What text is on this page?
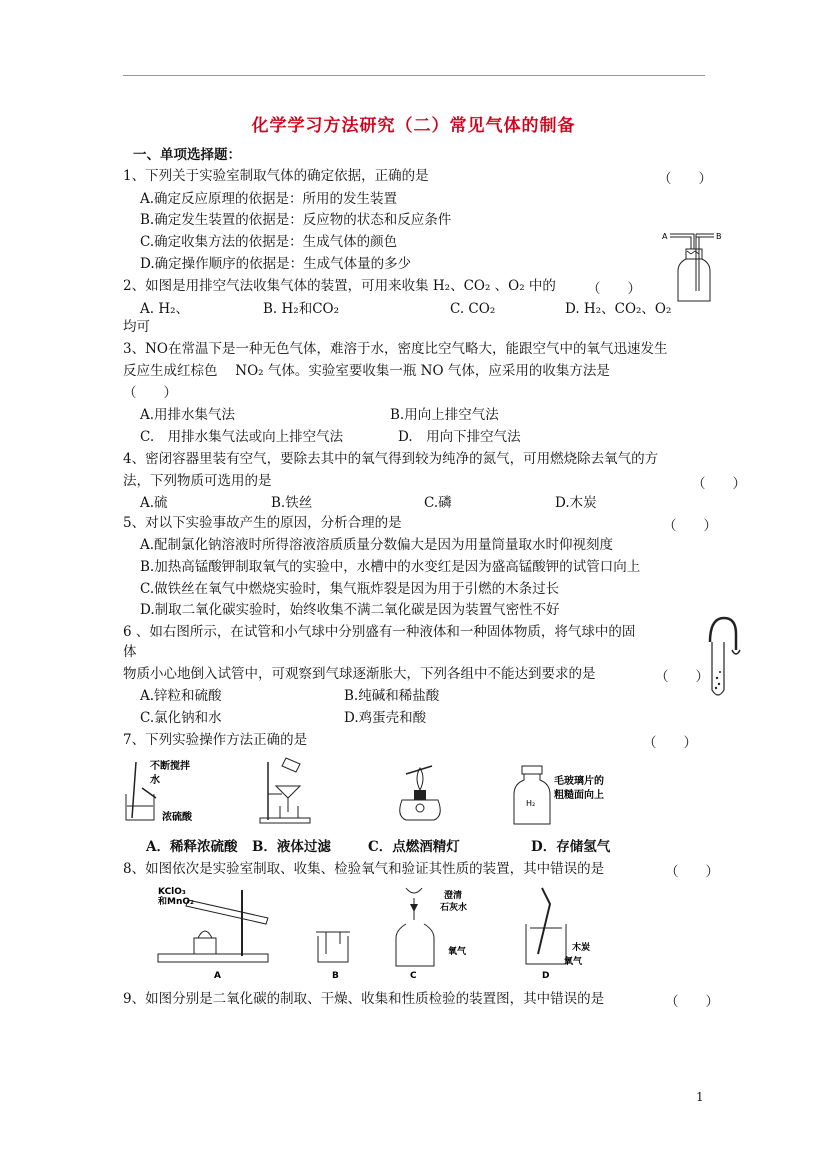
化学学习方法研究（二）常见气体的制备
一、单项选择题：
1、下列关于实验室制取气体的确定依据，正确的是	（　　）
A.确定反应原理的依据是：所用的发生装置
B.确定发生装置的依据是：反应物的状态和反应条件
C.确定收集方法的依据是：生成气体的颜色
D.确定操作顺序的依据是：生成气体量的多少
A	B
2、如图是用排空气法收集气体的装置，可用来收集 H₂、CO₂ 、O₂ 中的 （　　）
A. H₂、	B. H₂和CO₂	C. CO₂	D. H₂、CO₂、O₂
均可
3、NO在常温下是一种无色气体，难溶于水，密度比空气略大，能跟空气中的氧气迅速发生
反应生成红棕色　 NO₂ 气体。实验室要收集一瓶 NO 气体，应采用的收集方法是
（　　）
A.用排水集气法	B.用向上排空气法
C.　用排水集气法或向上排空气法	D.　用向下排空气法
4、密闭容器里装有空气，要除去其中的氧气得到较为纯净的氮气，可用燃烧除去氧气的方
法，下列物质可选用的是	（　　）
A.硫	B.铁丝	C.磷	D.木炭
5、对以下实验事故产生的原因，分析合理的是	（　　）
A.配制氯化钠溶液时所得溶液溶质质量分数偏大是因为用量筒量取水时仰视刻度
B.加热高锰酸钾制取氧气的实验中，水槽中的水变红是因为盛高锰酸钾的试管口向上
C.做铁丝在氧气中燃烧实验时，集气瓶炸裂是因为用于引燃的木条过长
D.制取二氧化碳实验时，始终收集不满二氧化碳是因为装置气密性不好
6 、如右图所示，在试管和小气球中分别盛有一种液体和一种固体物质，将气球中的固
体
物质小心地倒入试管中，可观察到气球逐渐胀大，下列各组中不能达到要求的是	（　　）
A.锌粒和硫酸	B.纯碱和稀盐酸
C.氯化钠和水	D.鸡蛋壳和酸
7、下列实验操作方法正确的是	（　　）
不断搅拌
水
浓硫酸
H₂
毛玻璃片的
粗糙面向上
A．稀释浓硫酸 B．液体过滤	C．点燃酒精灯	D．存储氢气
8、如图依次是实验室制取、收集、检验氧气和验证其性质的装置，其中错误的是	（　　）
KClO₃
和MnO₂
A	B
澄清
石灰水
氧气
C
木炭
氧气
D
9、如图分别是二氧化碳的制取、干燥、收集和性质检验的装置图，其中错误的是	（　　）
1
